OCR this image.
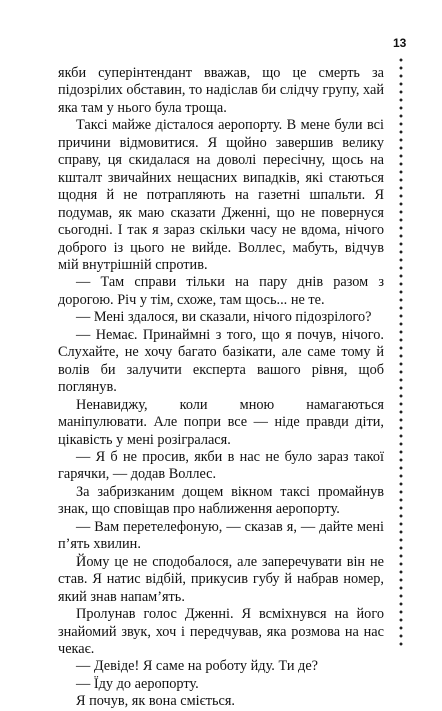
13

якби суперінтендант вважав, що це смерть за підозрілих обставин, то надіслав би слідчу групу, хай яка там у нього була троща.

Таксі майже дісталося аеропорту. В мене були всі причини відмовитися. Я щойно завершив велику справу, ця скидалася на доволі пересічну, щось на кшталт звичайних нещасних випадків, які стаються щодня й не потрапляють на газетні шпальти. Я подумав, як маю сказати Дженні, що не повернуся сьогодні. І так я зараз скільки часу не вдома, нічого доброго із цього не вийде. Воллес, мабуть, відчув мій внутрішній спротив.

— Там справи тільки на пару днів разом з дорогою. Річ у тім, схоже, там щось... не те.

— Мені здалося, ви сказали, нічого підозрілого?

— Немає. Принаймні з того, що я почув, нічого. Слухайте, не хочу багато базікати, але саме тому й волів би залучити експерта вашого рівня, щоб поглянув.

Ненавиджу, коли мною намагаються маніпулювати. Але попри все — ніде правди діти, цікавість у мені розігралася.

— Я б не просив, якби в нас не було зараз такої гарячки, — додав Воллес.

За забризканим дощем вікном таксі промайнув знак, що сповіщав про наближення аеропорту.

— Вам перетелефоную, — сказав я, — дайте мені п’ять хвилин.

Йому це не сподобалося, але заперечувати він не став. Я натис відбій, прикусив губу й набрав номер, який знав напам’ять.

Пролунав голос Дженні. Я всміхнувся на його знайомий звук, хоч і передчував, яка розмова на нас чекає.

— Девіде! Я саме на роботу йду. Ти де?

— Їду до аеропорту.

Я почув, як вона сміється.
